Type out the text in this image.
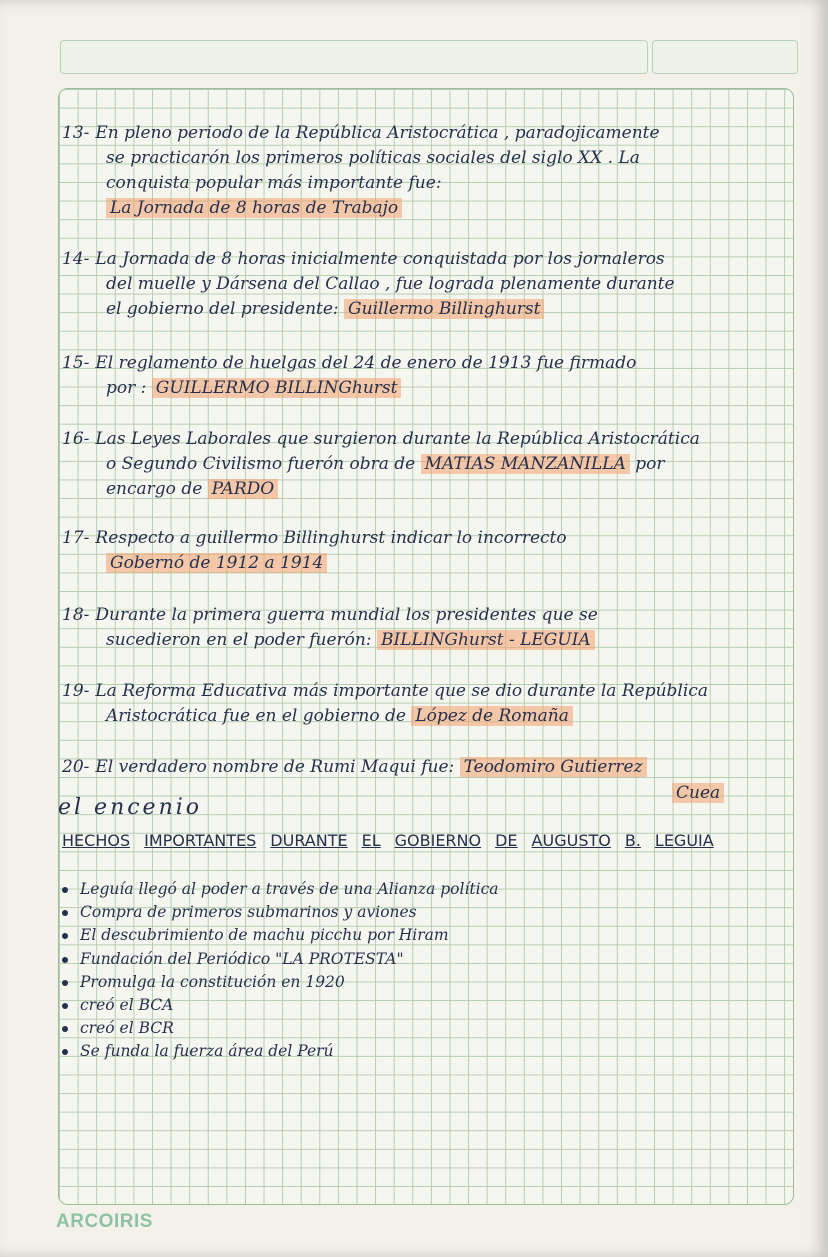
13- En pleno periodo de la República Aristocrática , paradojicamente
se practicarón los primeros políticas sociales del siglo XX . La
conquista popular más importante fue:
La Jornada de 8 horas de Trabajo
14- La Jornada de 8 horas inicialmente conquistada por los jornaleros
del muelle y Dársena del Callao , fue lograda plenamente durante
el gobierno del presidente: Guillermo Billinghurst
15- El reglamento de huelgas del 24 de enero de 1913 fue firmado
por : GUILLERMO BILLINGhurst
16- Las Leyes Laborales que surgieron durante la República Aristocrática
o Segundo Civilismo fuerón obra de MATIAS MANZANILLA por
encargo de PARDO
17- Respecto a guillermo Billinghurst indicar lo incorrecto
Gobernó de 1912 a 1914
18- Durante la primera guerra mundial los presidentes que se
sucedieron en el poder fuerón: BILLINGhurst - LEGUIA
19- La Reforma Educativa más importante que se dio durante la República
Aristocrática fue en el gobierno de López de Romaña
20- El verdadero nombre de Rumi Maqui fue: Teodomiro Gutierrez
Cuea
el encenio
HECHOS IMPORTANTES DURANTE EL GOBIERNO DE AUGUSTO B. LEGUIA
Leguía llegó al poder a través de una Alianza política
Compra de primeros submarinos y aviones
El descubrimiento de machu picchu por Hiram
Fundación del Periódico "LA PROTESTA"
Promulga la constitución en 1920
creó el BCA
creó el BCR
Se funda la fuerza área del Perú
ARCOIRIS
